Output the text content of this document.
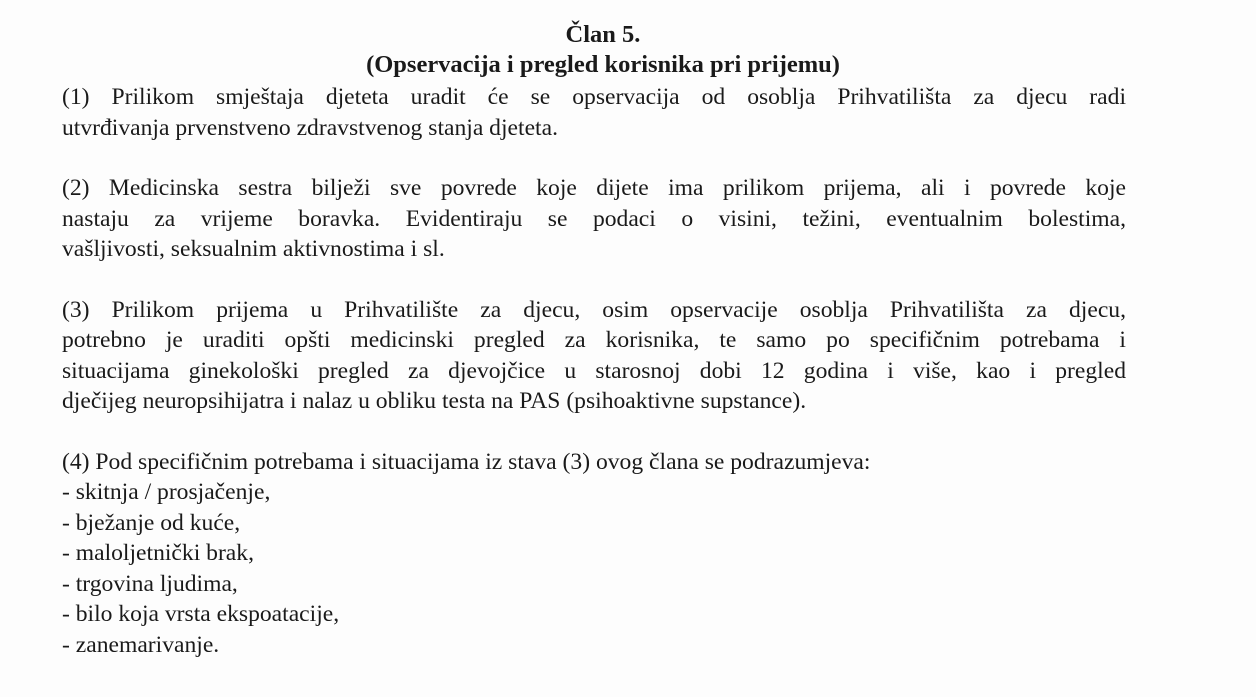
Član 5.
(Opservacija i pregled korisnika pri prijemu)

(1) Prilikom smještaja djeteta uradit će se opservacija od osoblja Prihvatilišta za djecu radi
utvrđivanja prvenstveno zdravstvenog stanja djeteta.

(2) Medicinska sestra bilježi sve povrede koje dijete ima prilikom prijema, ali i povrede koje
nastaju za vrijeme boravka. Evidentiraju se podaci o visini, težini, eventualnim bolestima,
vašljivosti, seksualnim aktivnostima i sl.

(3) Prilikom prijema u Prihvatilište za djecu, osim opservacije osoblja Prihvatilišta za djecu,
potrebno je uraditi opšti medicinski pregled za korisnika, te samo po specifičnim potrebama i
situacijama ginekološki pregled za djevojčice u starosnoj dobi 12 godina i više, kao i pregled
dječijeg neuropsihijatra i nalaz u obliku testa na PAS (psihoaktivne supstance).

(4) Pod specifičnim potrebama i situacijama iz stava (3) ovog člana se podrazumjeva:

- skitnja / prosjačenje,
- bježanje od kuće,
- maloljetnički brak,
- trgovina ljudima,
- bilo koja vrsta ekspoatacije,
- zanemarivanje.
